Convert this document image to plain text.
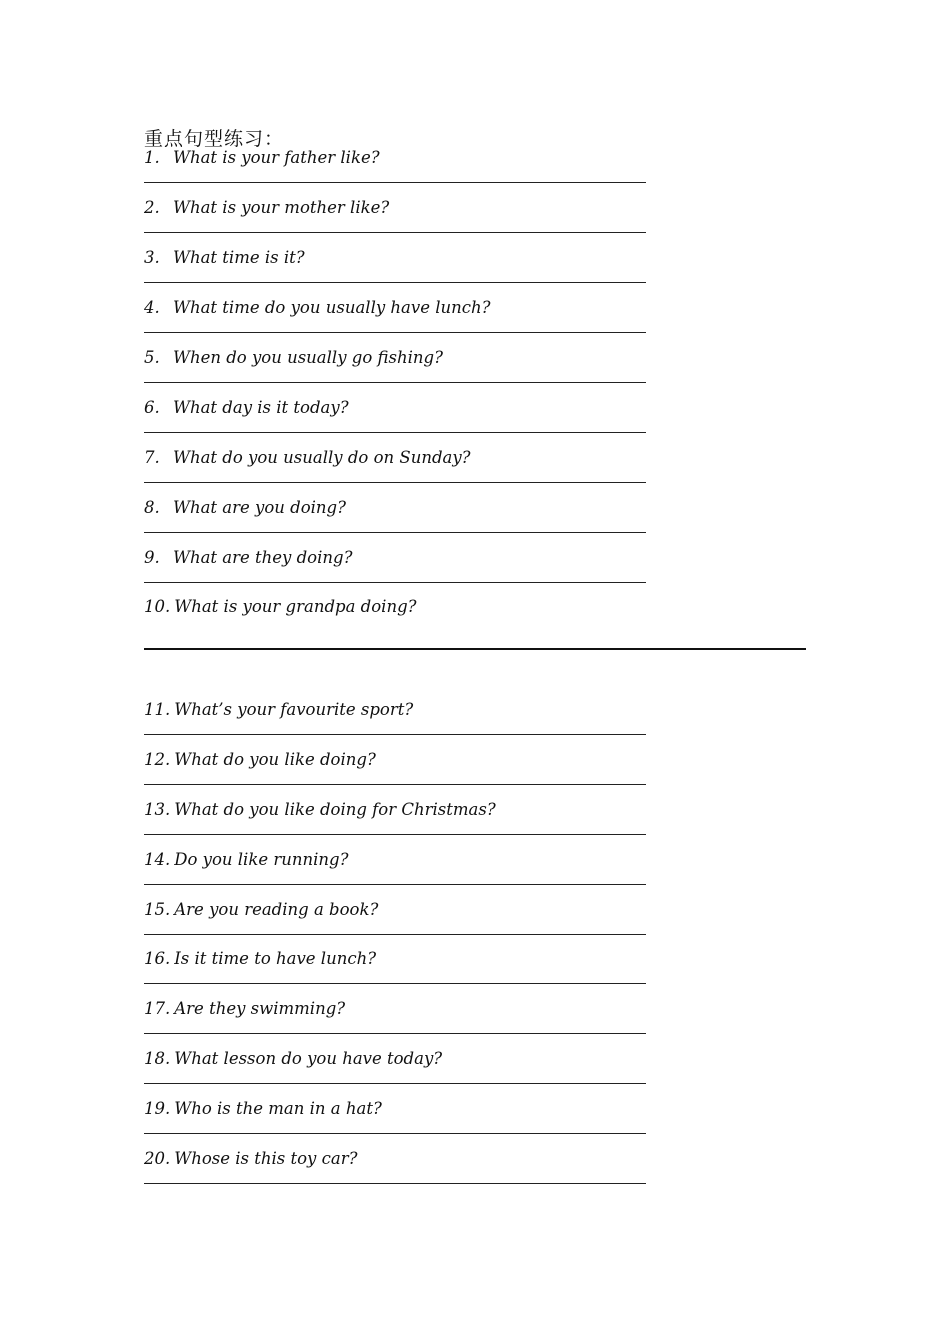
重点句型练习：
1. What is your father like?
2. What is your mother like?
3. What time is it?
4. What time do you usually have lunch?
5. When do you usually go fishing?
6. What day is it today?
7. What do you usually do on Sunday?
8. What are you doing?
9. What are they doing?
10. What is your grandpa doing?
11. What’s your favourite sport?
12. What do you like doing?
13. What do you like doing for Christmas?
14. Do you like running?
15. Are you reading a book?
16. Is it time to have lunch?
17. Are they swimming?
18. What lesson do you have today?
19. Who is the man in a hat?
20. Whose is this toy car?
